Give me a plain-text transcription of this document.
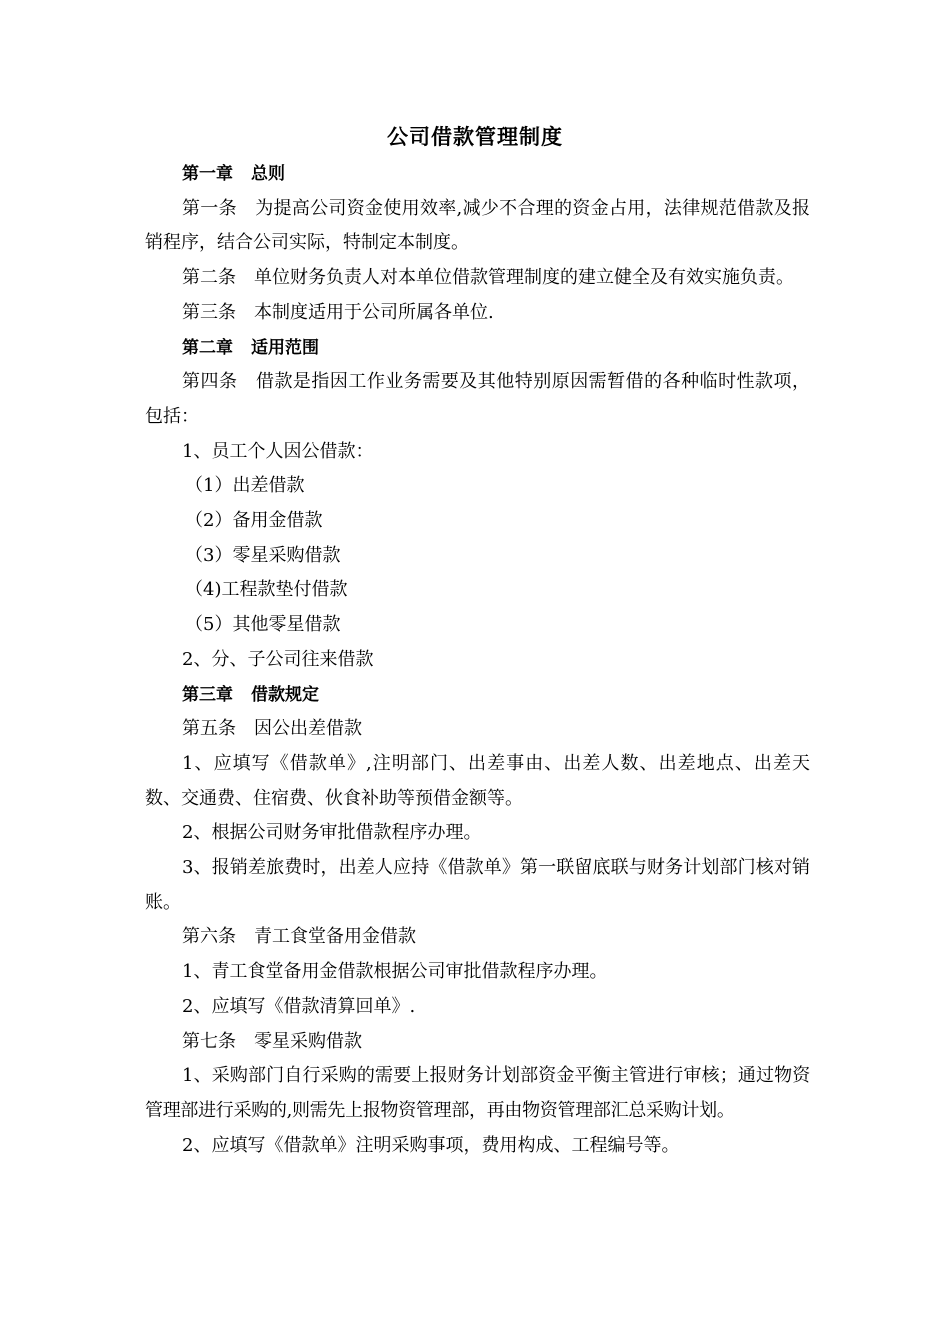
公司借款管理制度

第一章 总则

第一条 为提高公司资金使用效率,减少不合理的资金占用，法律规范借款及报销程序，结合公司实际，特制定本制度。

第二条 单位财务负责人对本单位借款管理制度的建立健全及有效实施负责。

第三条 本制度适用于公司所属各单位.

第二章 适用范围

第四条 借款是指因工作业务需要及其他特别原因需暂借的各种临时性款项，包括：

1、员工个人因公借款：

（1）出差借款

（2）备用金借款

（3）零星采购借款

（4)工程款垫付借款

（5）其他零星借款

2、分、子公司往来借款

第三章 借款规定

第五条 因公出差借款

1、应填写《借款单》,注明部门、出差事由、出差人数、出差地点、出差天数、交通费、住宿费、伙食补助等预借金额等。

2、根据公司财务审批借款程序办理。

3、报销差旅费时，出差人应持《借款单》第一联留底联与财务计划部门核对销账。

第六条 青工食堂备用金借款

1、青工食堂备用金借款根据公司审批借款程序办理。

2、应填写《借款清算回单》.

第七条 零星采购借款

1、采购部门自行采购的需要上报财务计划部资金平衡主管进行审核；通过物资管理部进行采购的,则需先上报物资管理部，再由物资管理部汇总采购计划。

2、应填写《借款单》注明采购事项，费用构成、工程编号等。
